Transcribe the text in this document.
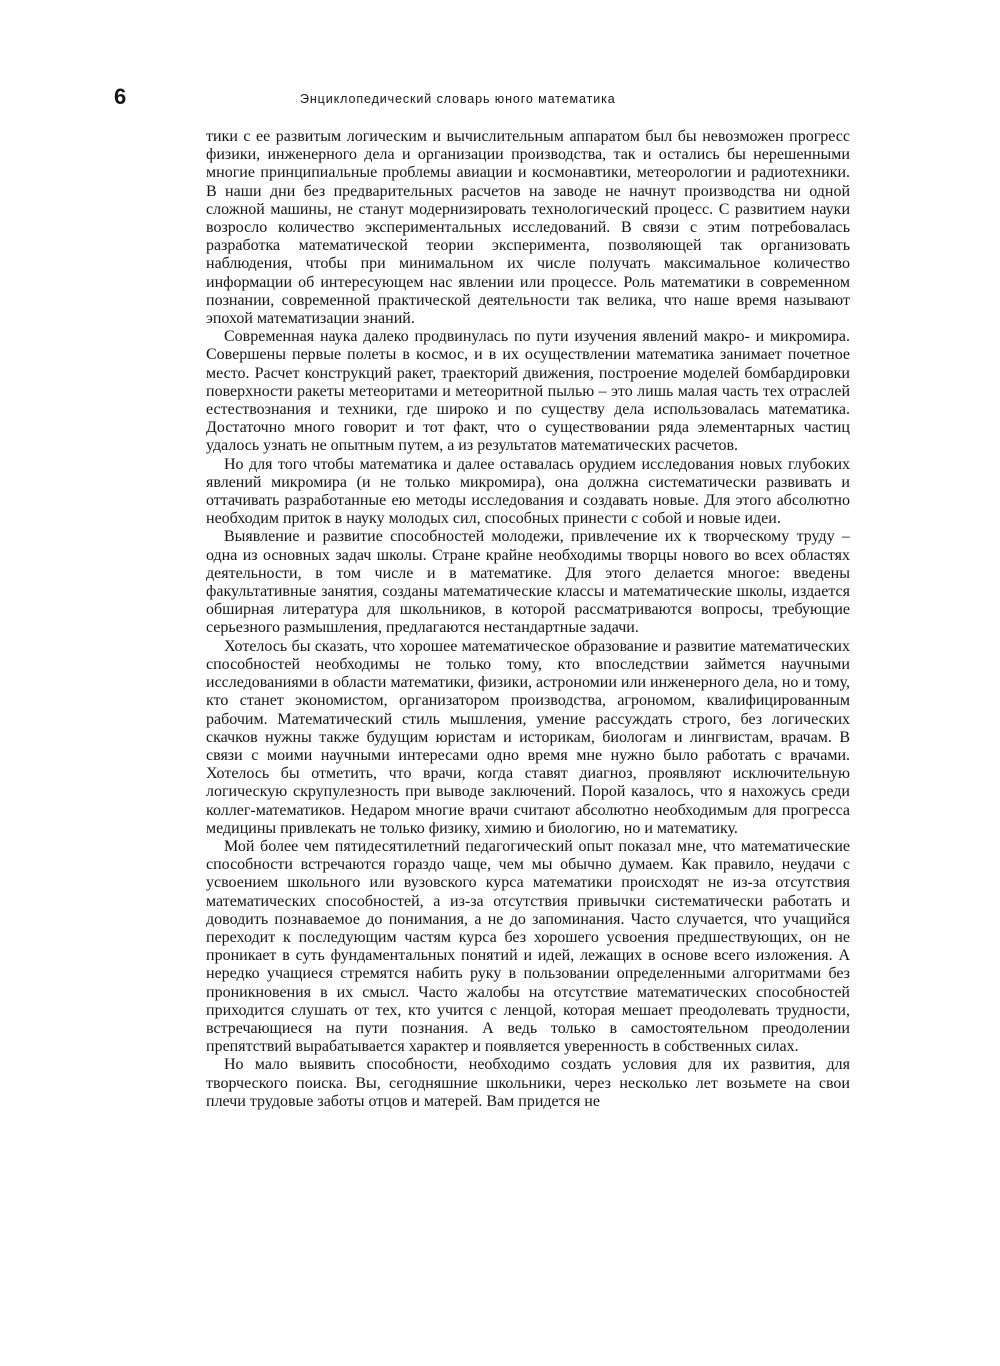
6	Энциклопедический словарь юного математика

тики с ее развитым логическим и вычислительным аппаратом был бы невозможен прогресс физики, инженерного дела и организации производства, так и остались бы нерешенными многие принципиальные проблемы авиации и космонавтики, метеорологии и радиотехники. В наши дни без предварительных расчетов на заводе не начнут производства ни одной сложной машины, не станут модернизировать технологический процесс. С развитием науки возросло количество экспериментальных исследований. В связи с этим потребовалась разработка математической теории эксперимента, позволяющей так организовать наблюдения, чтобы при минимальном их числе получать максимальное количество информации об интересующем нас явлении или процессе. Роль математики в современном познании, современной практической деятельности так велика, что наше время называют эпохой математизации знаний.

Современная наука далеко продвинулась по пути изучения явлений макро- и микромира. Совершены первые полеты в космос, и в их осуществлении математика занимает почетное место. Расчет конструкций ракет, траекторий движения, построение моделей бомбардировки поверхности ракеты метеоритами и метеоритной пылью – это лишь малая часть тех отраслей естествознания и техники, где широко и по существу дела использовалась математика. Достаточно много говорит и тот факт, что о существовании ряда элементарных частиц удалось узнать не опытным путем, а из результатов математических расчетов.

Но для того чтобы математика и далее оставалась орудием исследования новых глубоких явлений микромира (и не только микромира), она должна систематически развивать и оттачивать разработанные ею методы исследования и создавать новые. Для этого абсолютно необходим приток в науку молодых сил, способных принести с собой и новые идеи.

Выявление и развитие способностей молодежи, привлечение их к творческому труду – одна из основных задач школы. Стране крайне необходимы творцы нового во всех областях деятельности, в том числе и в математике. Для этого делается многое: введены факультативные занятия, созданы математические классы и математические школы, издается обширная литература для школьников, в которой рассматриваются вопросы, требующие серьезного размышления, предлагаются нестандартные задачи.

Хотелось бы сказать, что хорошее математическое образование и развитие математических способностей необходимы не только тому, кто впоследствии займется научными исследованиями в области математики, физики, астрономии или инженерного дела, но и тому, кто станет экономистом, организатором производства, агрономом, квалифицированным рабочим. Математический стиль мышления, умение рассуждать строго, без логических скачков нужны также будущим юристам и историкам, биологам и лингвистам, врачам. В связи с моими научными интересами одно время мне нужно было работать с врачами. Хотелось бы отметить, что врачи, когда ставят диагноз, проявляют исключительную логическую скрупулезность при выводе заключений. Порой казалось, что я нахожусь среди коллег-математиков. Недаром многие врачи считают абсолютно необходимым для прогресса медицины привлекать не только физику, химию и биологию, но и математику.

Мой более чем пятидесятилетний педагогический опыт показал мне, что математические способности встречаются гораздо чаще, чем мы обычно думаем. Как правило, неудачи с усвоением школьного или вузовского курса математики происходят не из-за отсутствия математических способностей, а из-за отсутствия привычки систематически работать и доводить познаваемое до понимания, а не до запоминания. Часто случается, что учащийся переходит к последующим частям курса без хорошего усвоения предшествующих, он не проникает в суть фундаментальных понятий и идей, лежащих в основе всего изложения. А нередко учащиеся стремятся набить руку в пользовании определенными алгоритмами без проникновения в их смысл. Часто жалобы на отсутствие математических способностей приходится слушать от тех, кто учится с ленцой, которая мешает преодолевать трудности, встречающиеся на пути познания. А ведь только в самостоятельном преодолении препятствий вырабатывается характер и появляется уверенность в собственных силах.

Но мало выявить способности, необходимо создать условия для их развития, для творческого поиска. Вы, сегодняшние школьники, через несколько лет возьмете на свои плечи трудовые заботы отцов и матерей. Вам придется не
